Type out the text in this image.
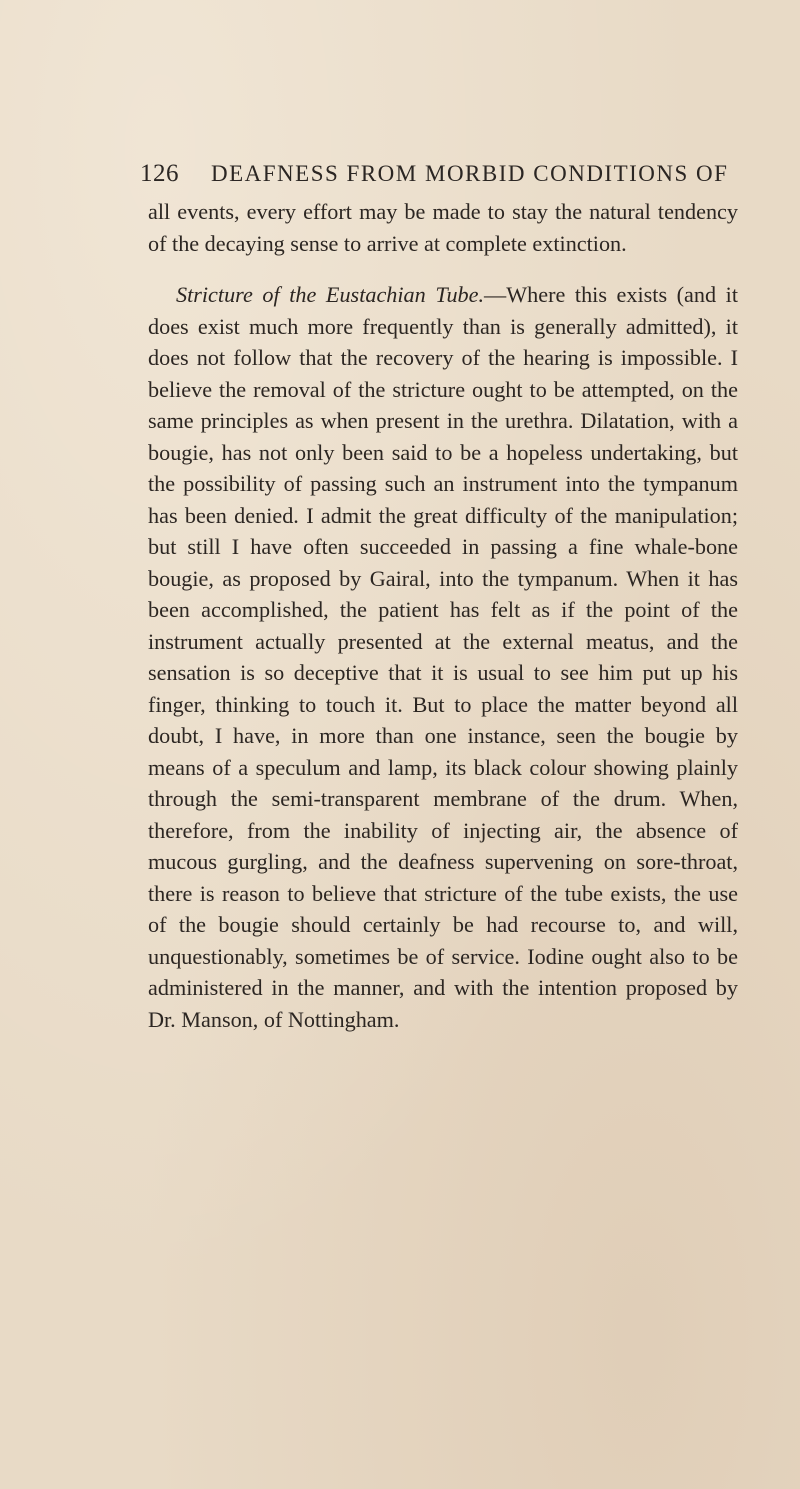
126 DEAFNESS FROM MORBID CONDITIONS OF

all events, every effort may be made to stay the natural tendency of the decaying sense to arrive at complete extinction.

Stricture of the Eustachian Tube.—Where this exists (and it does exist much more frequently than is generally admitted), it does not follow that the recovery of the hearing is impossible. I believe the removal of the stricture ought to be attempted, on the same principles as when present in the urethra. Dilatation, with a bougie, has not only been said to be a hopeless undertaking, but the possibility of passing such an instrument into the tympanum has been denied. I admit the great difficulty of the manipulation; but still I have often succeeded in passing a fine whale-bone bougie, as proposed by Gairal, into the tympanum. When it has been accomplished, the patient has felt as if the point of the instrument actually presented at the external meatus, and the sensation is so deceptive that it is usual to see him put up his finger, thinking to touch it. But to place the matter beyond all doubt, I have, in more than one instance, seen the bougie by means of a speculum and lamp, its black colour showing plainly through the semi-transparent membrane of the drum. When, therefore, from the inability of injecting air, the absence of mucous gurgling, and the deafness supervening on sore-throat, there is reason to believe that stricture of the tube exists, the use of the bougie should certainly be had recourse to, and will, unquestionably, sometimes be of service. Iodine ought also to be administered in the manner, and with the intention proposed by Dr. Manson, of Nottingham.
